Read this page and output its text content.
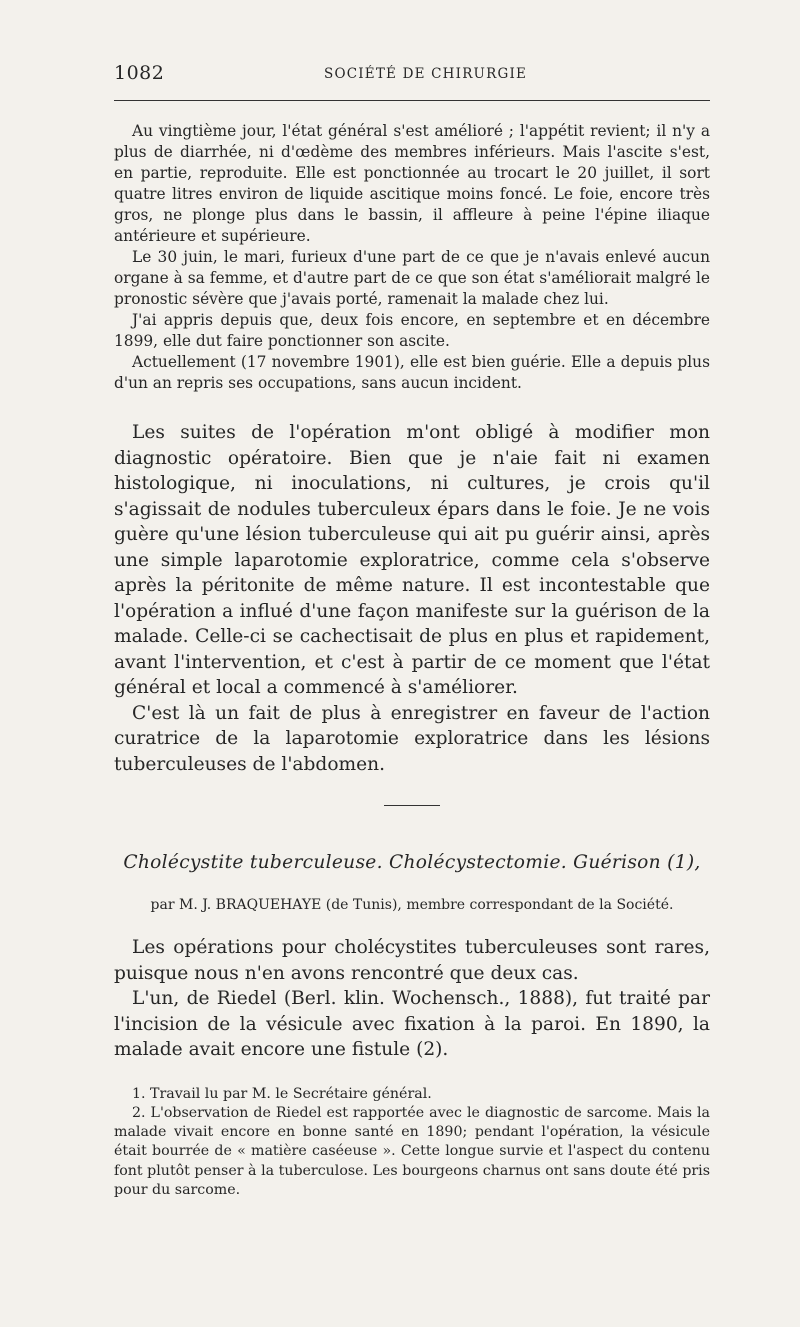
1082	SOCIÉTÉ DE CHIRURGIE

Au vingtième jour, l'état général s'est amélioré ; l'appétit revient; il n'y a plus de diarrhée, ni d'œdème des membres inférieurs. Mais l'ascite s'est, en partie, reproduite. Elle est ponctionnée au trocart le 20 juillet, il sort quatre litres environ de liquide ascitique moins foncé. Le foie, encore très gros, ne plonge plus dans le bassin, il affleure à peine l'épine iliaque antérieure et supérieure.

Le 30 juin, le mari, furieux d'une part de ce que je n'avais enlevé aucun organe à sa femme, et d'autre part de ce que son état s'améliorait malgré le pronostic sévère que j'avais porté, ramenait la malade chez lui.

J'ai appris depuis que, deux fois encore, en septembre et en décembre 1899, elle dut faire ponctionner son ascite.

Actuellement (17 novembre 1901), elle est bien guérie. Elle a depuis plus d'un an repris ses occupations, sans aucun incident.

Les suites de l'opération m'ont obligé à modifier mon diagnostic opératoire. Bien que je n'aie fait ni examen histologique, ni inoculations, ni cultures, je crois qu'il s'agissait de nodules tuberculeux épars dans le foie. Je ne vois guère qu'une lésion tuberculeuse qui ait pu guérir ainsi, après une simple laparotomie exploratrice, comme cela s'observe après la péritonite de même nature. Il est incontestable que l'opération a influé d'une façon manifeste sur la guérison de la malade. Celle-ci se cachectisait de plus en plus et rapidement, avant l'intervention, et c'est à partir de ce moment que l'état général et local a commencé à s'améliorer.

C'est là un fait de plus à enregistrer en faveur de l'action curatrice de la laparotomie exploratrice dans les lésions tuberculeuses de l'abdomen.

Cholécystite tuberculeuse. Cholécystectomie. Guérison (1),
par M. J. BRAQUEHAYE (de Tunis), membre correspondant de la Société.

Les opérations pour cholécystites tuberculeuses sont rares, puisque nous n'en avons rencontré que deux cas.

L'un, de Riedel (Berl. klin. Wochensch., 1888), fut traité par l'incision de la vésicule avec fixation à la paroi. En 1890, la malade avait encore une fistule (2).

1. Travail lu par M. le Secrétaire général.

2. L'observation de Riedel est rapportée avec le diagnostic de sarcome. Mais la malade vivait encore en bonne santé en 1890; pendant l'opération, la vésicule était bourrée de « matière caséeuse ». Cette longue survie et l'aspect du contenu font plutôt penser à la tuberculose. Les bourgeons charnus ont sans doute été pris pour du sarcome.
